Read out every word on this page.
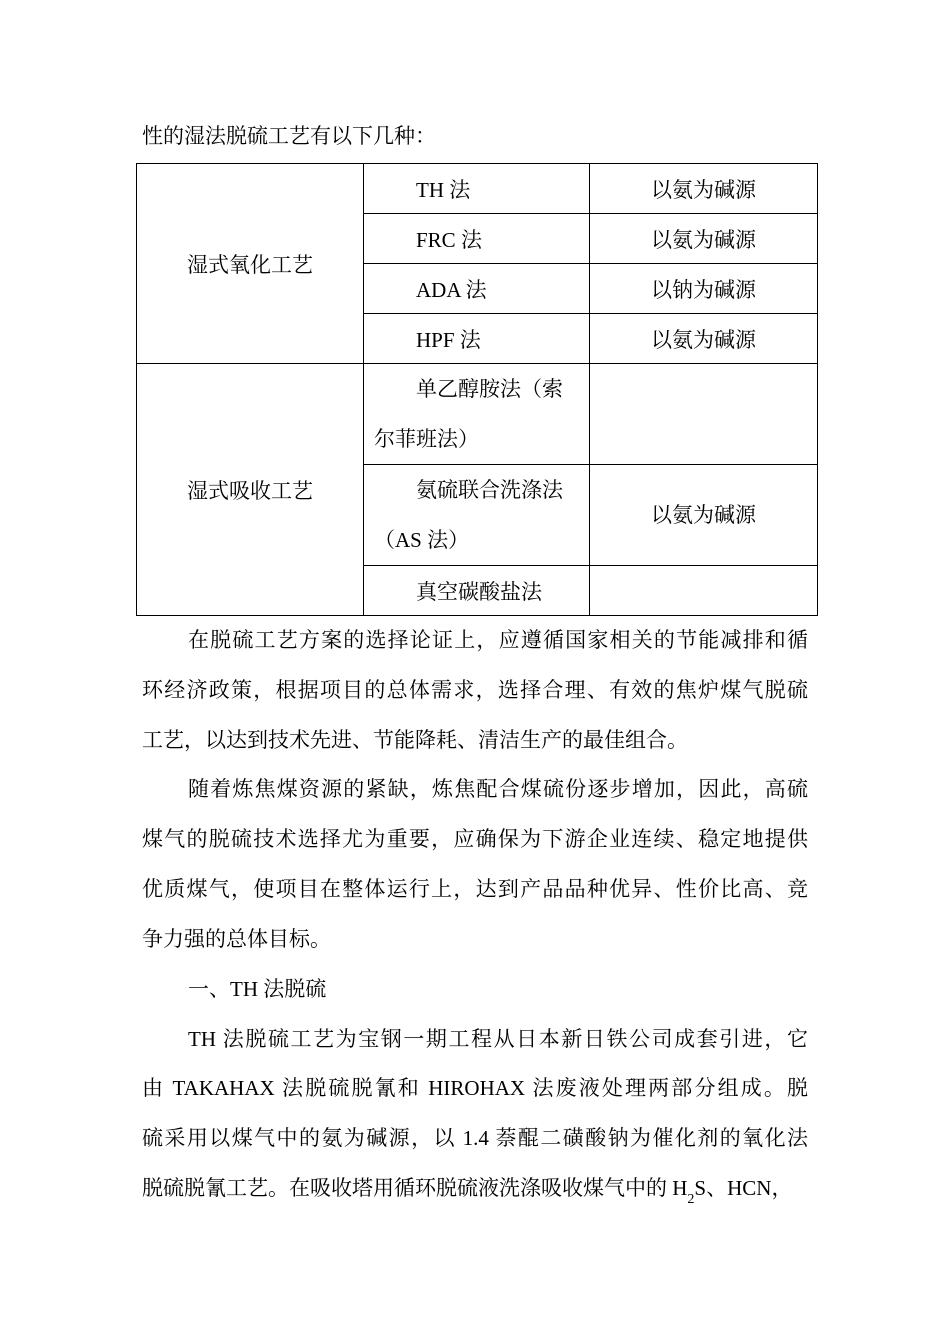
性的湿法脱硫工艺有以下几种：
湿式氧化工艺	TH 法	以氨为碱源
	FRC 法	以氨为碱源
	ADA 法	以钠为碱源
	HPF 法	以氨为碱源
湿式吸收工艺	单乙醇胺法（索
尔菲班法）	

	氨硫联合洗涤法
（AS 法）	以氨为碱源

	真空碳酸盐法	
在脱硫工艺方案的选择论证上，应遵循国家相关的节能减排和循
环经济政策，根据项目的总体需求，选择合理、有效的焦炉煤气脱硫
工艺，以达到技术先进、节能降耗、清洁生产的最佳组合。
随着炼焦煤资源的紧缺，炼焦配合煤硫份逐步增加，因此，高硫
煤气的脱硫技术选择尤为重要，应确保为下游企业连续、稳定地提供
优质煤气，使项目在整体运行上，达到产品品种优异、性价比高、竞
争力强的总体目标。
一、TH 法脱硫
TH 法脱硫工艺为宝钢一期工程从日本新日铁公司成套引进，它
由 TAKAHAX 法脱硫脱氰和 HIROHAX 法废液处理两部分组成。脱
硫采用以煤气中的氨为碱源，以 1.4 萘醌二磺酸钠为催化剂的氧化法
脱硫脱氰工艺。在吸收塔用循环脱硫液洗涤吸收煤气中的 $H_2S$、HCN，
